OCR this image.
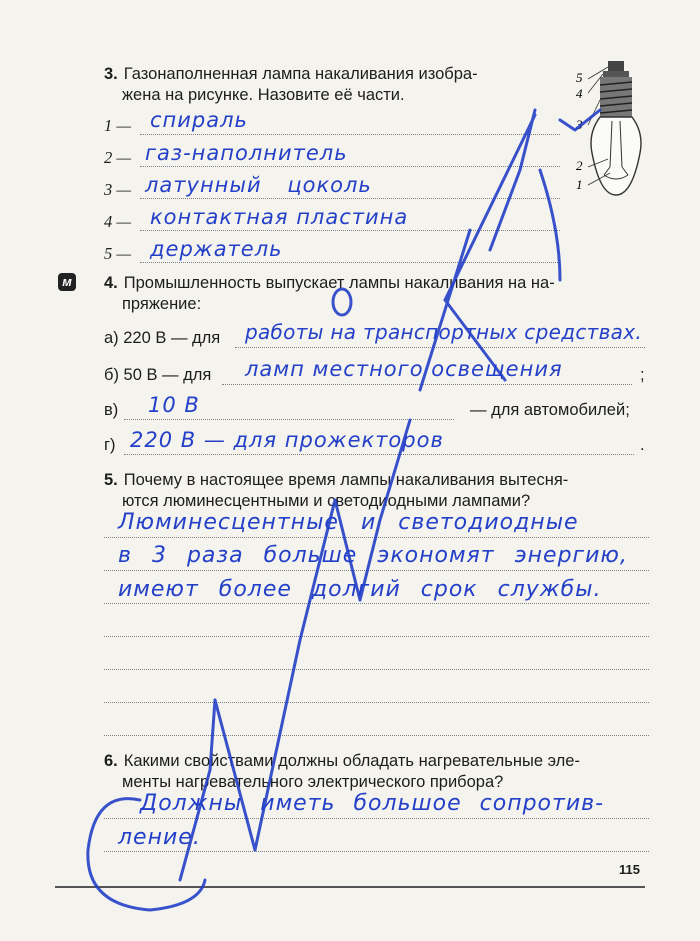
3. Газонаполненная лампа накаливания изобра-
жена на рисунке. Назовите её части.
1 — спираль
2 — газ-наполнитель
3 — латунный цоколь
4 — контактная пластина
5 — держатель
5
4
3
2
1
м 4. Промышленность выпускает лампы накаливания на на-
пряжение:
а) 220 В — для работы на транспортных средствах.
б) 50 В — для ламп местного освещения	;
в) 10 В	— для автомобилей;
г) 220 В — для прожекторов	.
5. Почему в настоящее время лампы накаливания вытесня-
ются люминесцентными и светодиодными лампами?
Люминесцентные и светодиодные
в 3 раза больше экономят энергию,
имеют более долгий срок службы.
6. Какими свойствами должны обладать нагревательные эле-
менты нагревательного электрического прибора?
Должны иметь большое сопротив-
ление.
115
